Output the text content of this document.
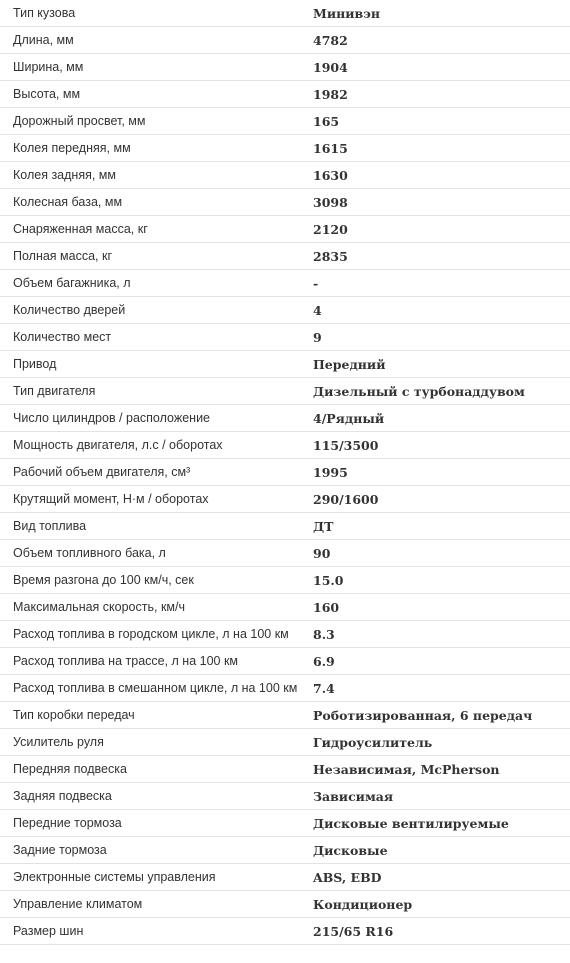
Тип кузова	Минивэн
Длина, мм	4782
Ширина, мм	1904
Высота, мм	1982
Дорожный просвет, мм	165
Колея передняя, мм	1615
Колея задняя, мм	1630
Колесная база, мм	3098
Снаряженная масса, кг	2120
Полная масса, кг	2835
Объем багажника, л	-
Количество дверей	4
Количество мест	9
Привод	Передний
Тип двигателя	Дизельный с турбонаддувом
Число цилиндров / расположение	4/Рядный
Мощность двигателя, л.с / оборотах	115/3500
Рабочий объем двигателя, см³	1995
Крутящий момент, Н·м / оборотах	290/1600
Вид топлива	ДТ
Объем топливного бака, л	90
Время разгона до 100 км/ч, сек	15.0
Максимальная скорость, км/ч	160
Расход топлива в городском цикле, л на 100 км 8.3
Расход топлива на трассе, л на 100 км	6.9
Расход топлива в смешанном цикле, л на 100 км 7.4
Тип коробки передач	Роботизированная, 6 передач
Усилитель руля	Гидроусилитель
Передняя подвеска	Независимая, McPherson
Задняя подвеска	Зависимая
Передние тормоза	Дисковые вентилируемые
Задние тормоза	Дисковые
Электронные системы управления	ABS, EBD
Управление климатом	Кондиционер
Размер шин	215/65 R16
